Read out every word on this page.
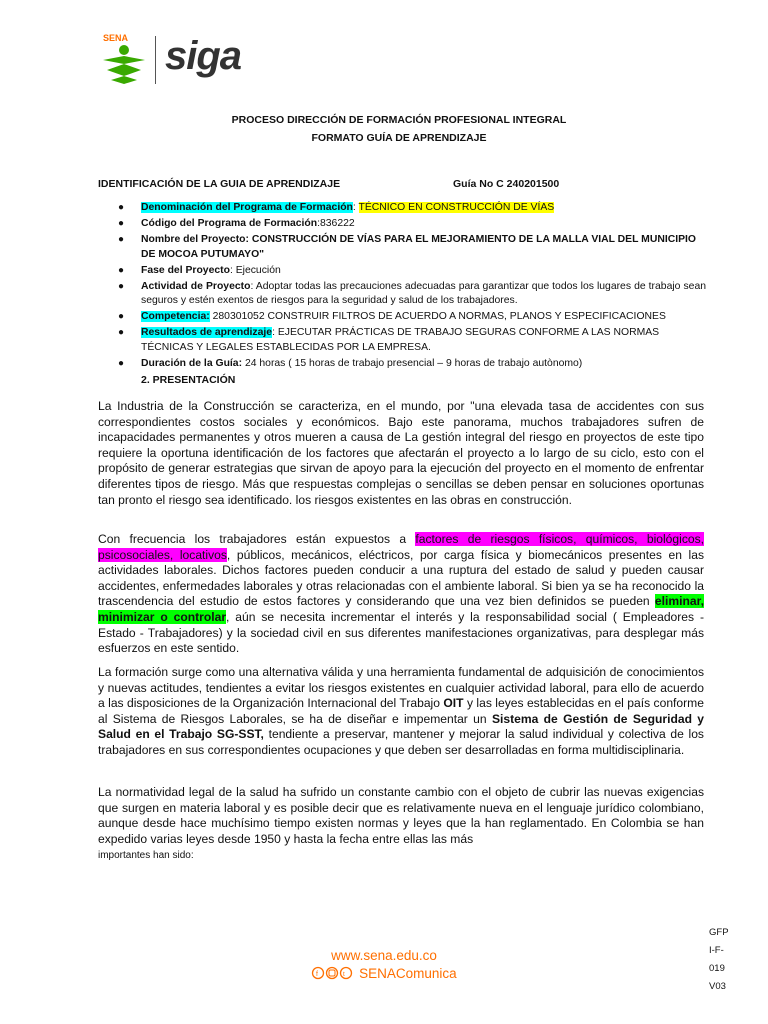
SENA siga
PROCESO DIRECCIÓN DE FORMACIÓN PROFESIONAL INTEGRAL
FORMATO GUÍA DE APRENDIZAJE
IDENTIFICACIÓN DE LA GUIA DE APRENDIZAJE	Guía No C 240201500
● Denominación del Programa de Formación: TÉCNICO EN CONSTRUCCIÓN DE VÍAS
● Código del Programa de Formación:836222
● Nombre del Proyecto: CONSTRUCCIÓN DE VÍAS PARA EL MEJORAMIENTO DE LA MALLA VIAL DEL MUNICIPIO DE MOCOA PUTUMAYO"
● Fase del Proyecto: Ejecución
● Actividad de Proyecto: Adoptar todas las precauciones adecuadas para garantizar que todos los lugares de trabajo sean seguros y estén exentos de riesgos para la seguridad y salud de los trabajadores.
● Competencia: 280301052 CONSTRUIR FILTROS DE ACUERDO A NORMAS, PLANOS Y ESPECIFICACIONES
● Resultados de aprendizaje: EJECUTAR PRÁCTICAS DE TRABAJO SEGURAS CONFORME A LAS NORMAS TÉCNICAS Y LEGALES ESTABLECIDAS POR LA EMPRESA.
● Duración de la Guía: 24 horas ( 15 horas de trabajo presencial – 9 horas de trabajo autònomo)
2. PRESENTACIÓN
La Industria de la Construcción se caracteriza, en el mundo, por "una elevada tasa de accidentes con sus correspondientes costos sociales y económicos. Bajo este panorama, muchos trabajadores sufren de incapacidades permanentes y otros mueren a causa de La gestión integral del riesgo en proyectos de este tipo requiere la oportuna identificación de los factores que afectarán el proyecto a lo largo de su ciclo, esto con el propósito de generar estrategias que sirvan de apoyo para la ejecución del proyecto en el momento de enfrentar diferentes tipos de riesgo. Más que respuestas complejas o sencillas se deben pensar en soluciones oportunas tan pronto el riesgo sea identificado. los riesgos existentes en las obras en construcción.
Con frecuencia los trabajadores están expuestos a factores de riesgos físicos, químicos, biológicos, psicosociales, locativos, públicos, mecánicos, eléctricos, por carga física y biomecánicos presentes en las actividades laborales. Dichos factores pueden conducir a una ruptura del estado de salud y pueden causar accidentes, enfermedades laborales y otras relacionadas con el ambiente laboral. Si bien ya se ha reconocido la trascendencia del estudio de estos factores y considerando que una vez bien definidos se pueden eliminar, minimizar o controlar, aún se necesita incrementar el interés y la responsabilidad social ( Empleadores - Estado - Trabajadores) y la sociedad civil en sus diferentes manifestaciones organizativas, para desplegar más esfuerzos en este sentido.
La formación surge como una alternativa válida y una herramienta fundamental de adquisición de conocimientos y nuevas actitudes, tendientes a evitar los riesgos existentes en cualquier actividad laboral, para ello de acuerdo a las disposiciones de la Organización Internacional del Trabajo OIT y las leyes establecidas en el país conforme al Sistema de Riesgos Laborales, se ha de diseñar e impementar un Sistema de Gestión de Seguridad y Salud en el Trabajo SG-SST, tendiente a preservar, mantener y mejorar la salud individual y colectiva de los trabajadores en sus correspondientes ocupaciones y que deben ser desarrolladas en forma multidisciplinaria.
La normatividad legal de la salud ha sufrido un constante cambio con el objeto de cubrir las nuevas exigencias que surgen en materia laboral y es posible decir que es relativamente nueva en el lenguaje jurídico colombiano, aunque desde hace muchísimo tiempo existen normas y leyes que la han reglamentado. En Colombia se han expedido varias leyes desde 1950 y hasta la fecha entre ellas las más
importantes han sido:
www.sena.edu.co
f	t SENAComunica
GFP
I-F-
019
V03
